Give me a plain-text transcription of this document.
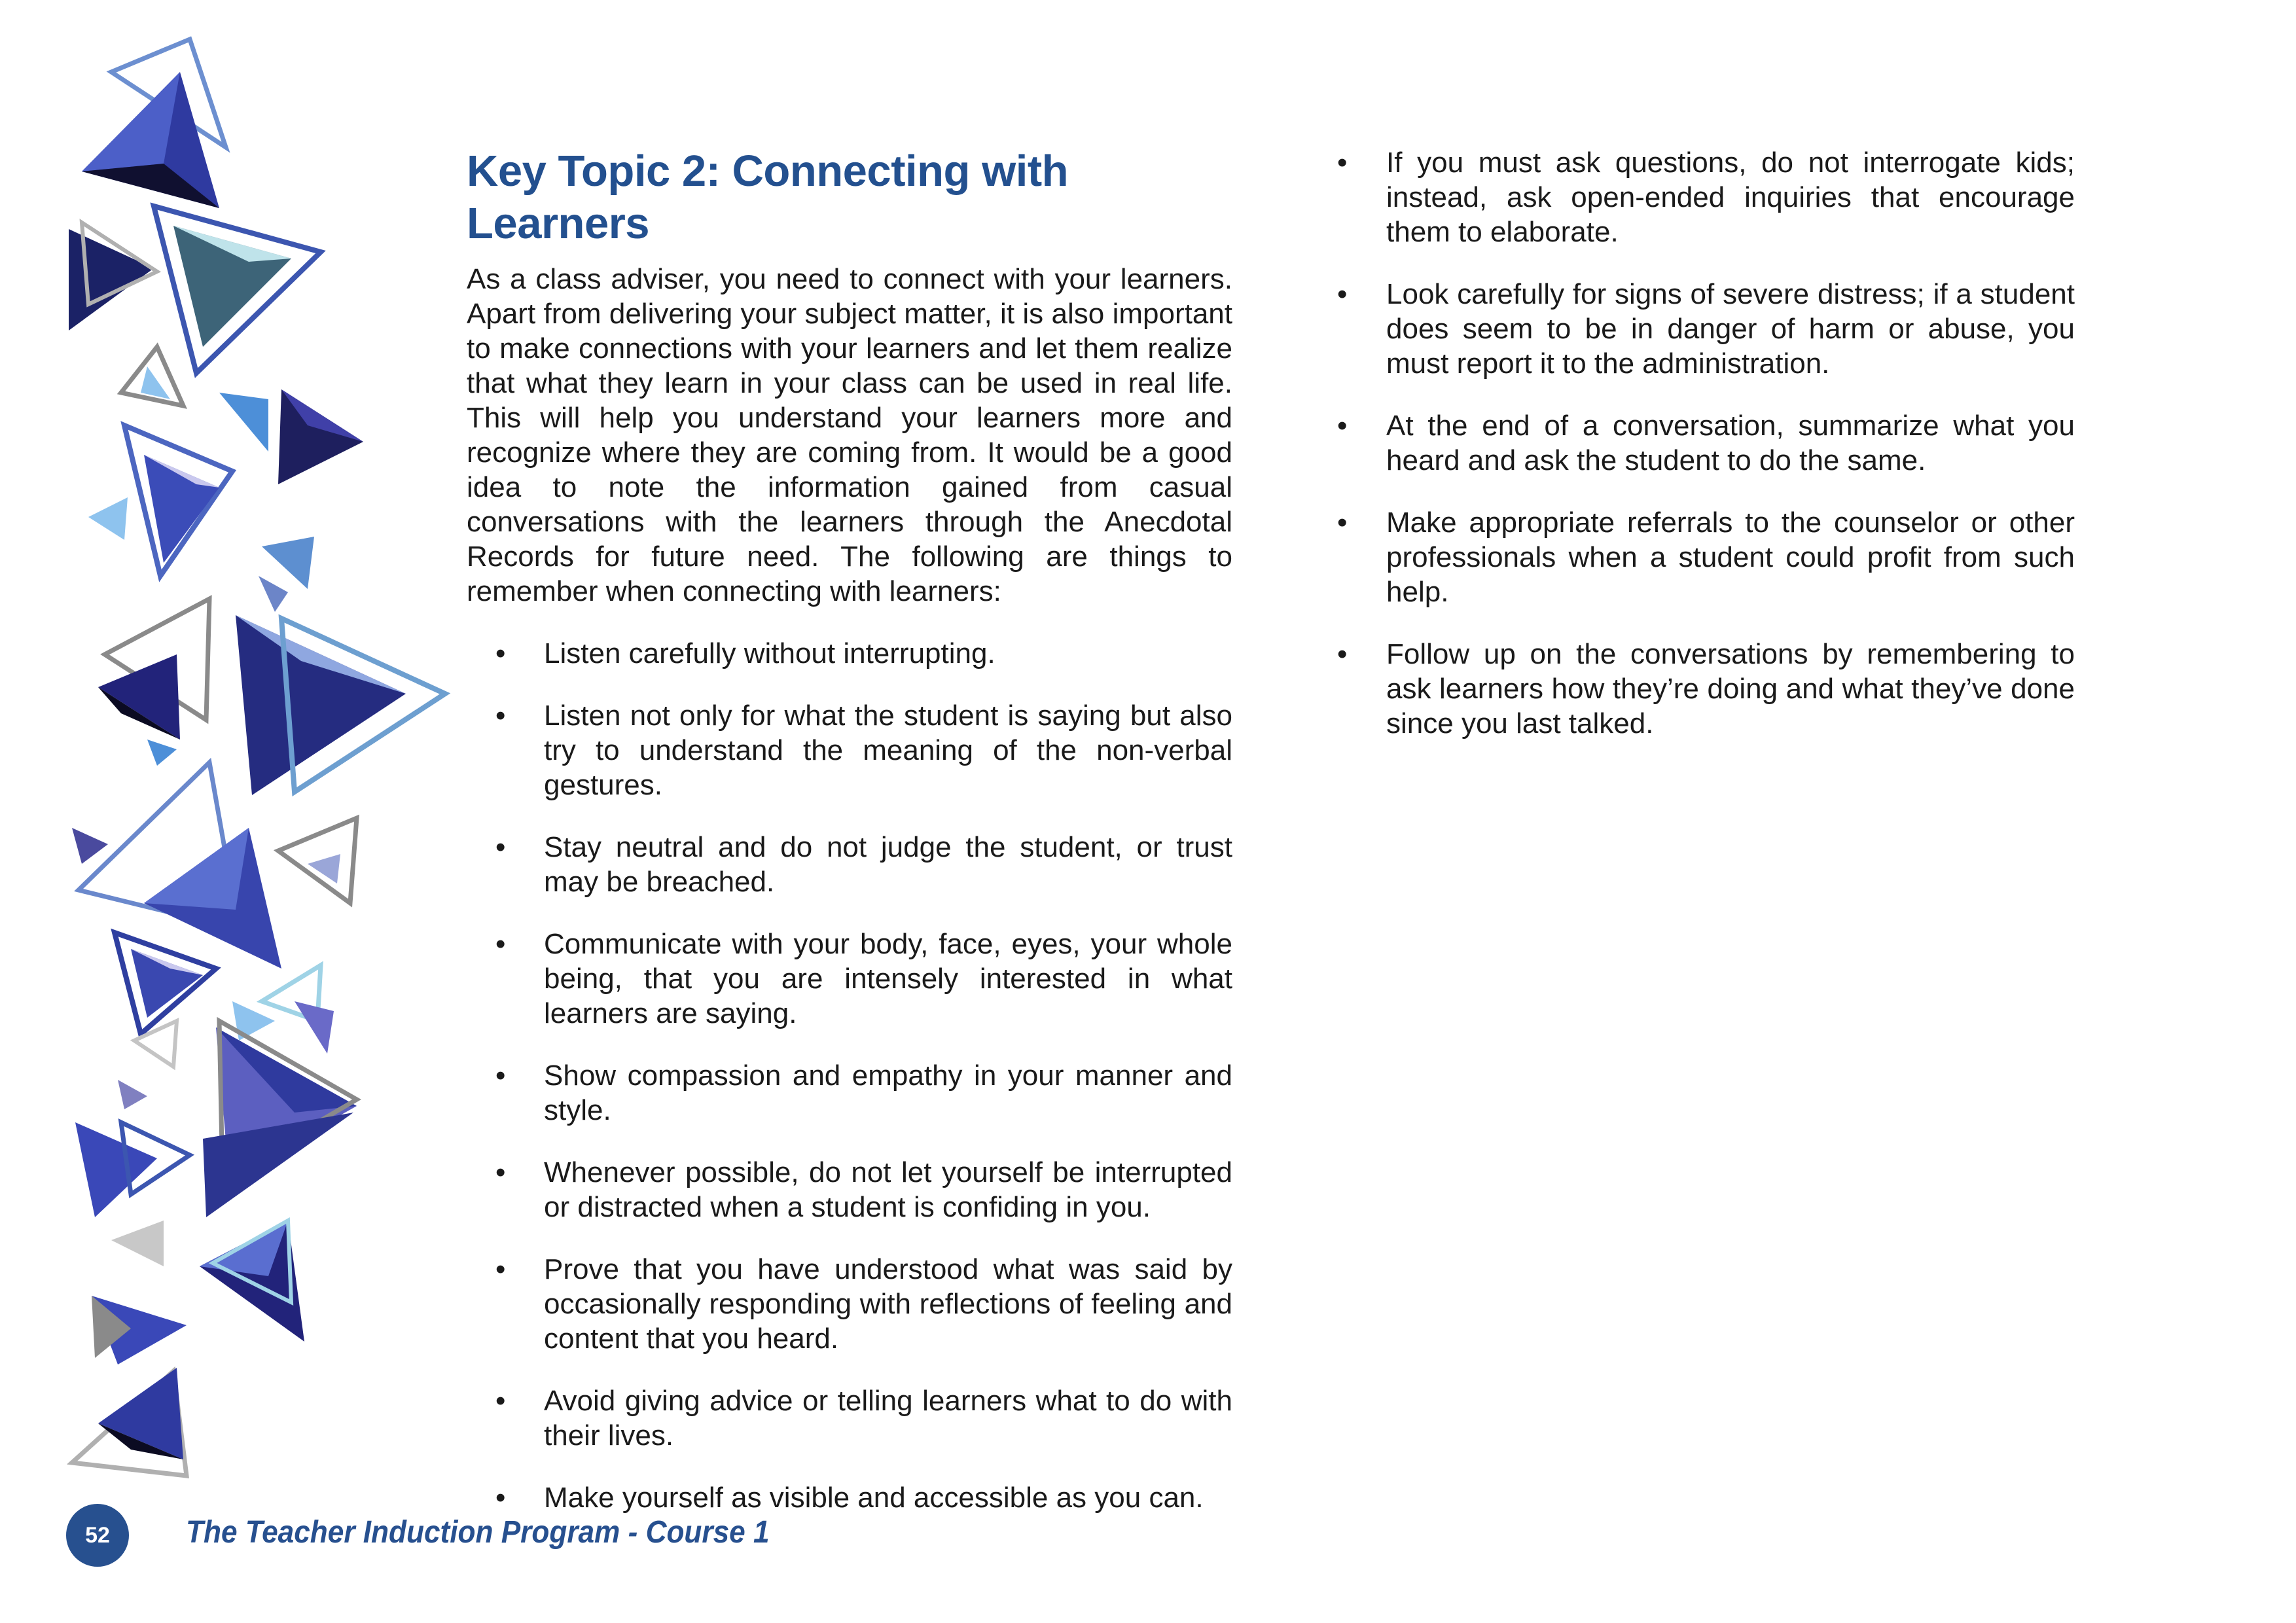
Key Topic 2: Connecting with Learners

As a class adviser, you need to connect with your learners. Apart from delivering your subject matter, it is also important to make connections with your learners and let them realize that what they learn in your class can be used in real life. This will help you understand your learners more and recognize where they are coming from. It would be a good idea to note the information gained from casual conversations with the learners through the Anecdotal Records for future need. The following are things to remember when connecting with learners:

• Listen carefully without interrupting.
• Listen not only for what the student is saying but also try to understand the meaning of the non-verbal gestures.
• Stay neutral and do not judge the student, or trust may be breached.
• Communicate with your body, face, eyes, your whole being, that you are intensely interested in what learners are saying.
• Show compassion and empathy in your manner and style.
• Whenever possible, do not let yourself be interrupted or distracted when a student is confiding in you.
• Prove that you have understood what was said by occasionally responding with reflections of feeling and content that you heard.
• Avoid giving advice or telling learners what to do with their lives.
• Make yourself as visible and accessible as you can.
• If you must ask questions, do not interrogate kids; instead, ask open-ended inquiries that encourage them to elaborate.
• Look carefully for signs of severe distress; if a student does seem to be in danger of harm or abuse, you must report it to the administration.
• At the end of a conversation, summarize what you heard and ask the student to do the same.
• Make appropriate referrals to the counselor or other professionals when a student could profit from such help.
• Follow up on the conversations by remembering to ask learners how they’re doing and what they’ve done since you last talked.
52	The Teacher Induction Program - Course 1
